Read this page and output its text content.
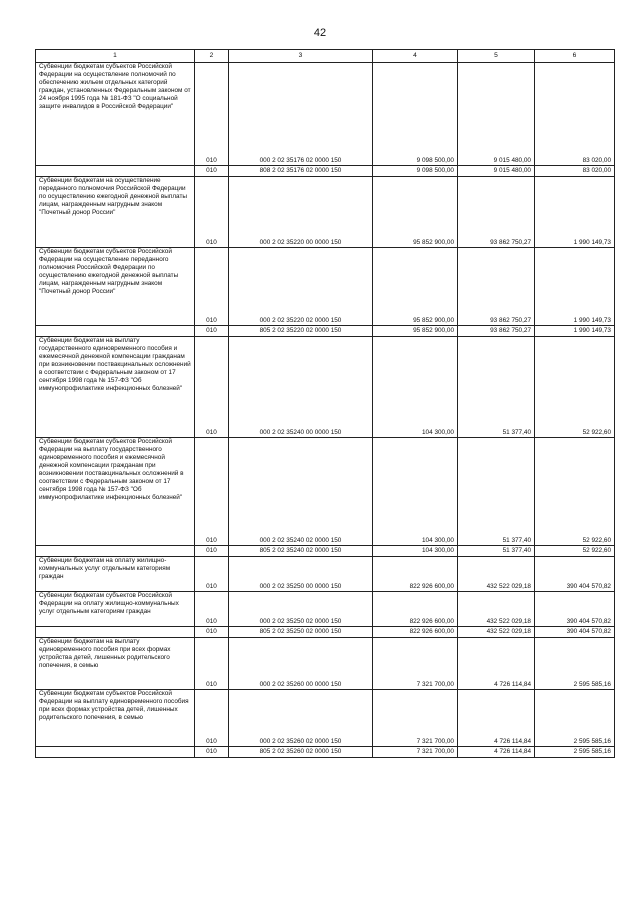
42
1	2	3	4	5	6
Субвенции бюджетам субъектов Российской Федерации на осуществление полномочий по обеспечению жильем отдельных категорий граждан, установленных Федеральным законом от 24 ноября 1995 года № 181-ФЗ "О социальной защите инвалидов в Российской Федерации"	010	000 2 02 35176 02 0000 150	9 098 500,00	9 015 480,00	83 020,00
	010	808 2 02 35176 02 0000 150	9 098 500,00	9 015 480,00	83 020,00
Субвенции бюджетам на осуществление переданного полномочия Российской Федерации по осуществлению ежегодной денежной выплаты лицам, награжденным нагрудным знаком "Почетный донор России"	010	000 2 02 35220 00 0000 150	95 852 900,00	93 862 750,27	1 990 149,73
Субвенции бюджетам субъектов Российской Федерации на осуществление переданного полномочия Российской Федерации по осуществлению ежегодной денежной выплаты лицам, награжденным нагрудным знаком "Почетный донор России"	010	000 2 02 35220 02 0000 150	95 852 900,00	93 862 750,27	1 990 149,73
	010	805 2 02 35220 02 0000 150	95 852 900,00	93 862 750,27	1 990 149,73
Субвенции бюджетам на выплату государственного единовременного пособия и ежемесячной денежной компенсации гражданам при возникновении поствакцинальных осложнений в соответствии с Федеральным законом от 17 сентября 1998 года № 157-ФЗ "Об иммунопрофилактике инфекционных болезней"	010	000 2 02 35240 00 0000 150	104 300,00	51 377,40	52 922,60
Субвенции бюджетам субъектов Российской Федерации на выплату государственного единовременного пособия и ежемесячной денежной компенсации гражданам при возникновении поствакцинальных осложнений в соответствии с Федеральным законом от 17 сентября 1998 года № 157-ФЗ "Об иммунопрофилактике инфекционных болезней"	010	000 2 02 35240 02 0000 150	104 300,00	51 377,40	52 922,60
	010	805 2 02 35240 02 0000 150	104 300,00	51 377,40	52 922,60
Субвенции бюджетам на оплату жилищно-коммунальных услуг отдельным категориям граждан	010	000 2 02 35250 00 0000 150	822 926 600,00	432 522 029,18	390 404 570,82
Субвенции бюджетам субъектов Российской Федерации на оплату жилищно-коммунальных услуг отдельным категориям граждан	010	000 2 02 35250 02 0000 150	822 926 600,00	432 522 029,18	390 404 570,82
	010	805 2 02 35250 02 0000 150	822 926 600,00	432 522 029,18	390 404 570,82
Субвенции бюджетам на выплату единовременного пособия при всех формах устройства детей, лишенных родительского попечения, в семью	010	000 2 02 35260 00 0000 150	7 321 700,00	4 726 114,84	2 595 585,16
Субвенции бюджетам субъектов Российской Федерации на выплату единовременного пособия при всех формах устройства детей, лишенных родительского попечения, в семью	010	000 2 02 35260 02 0000 150	7 321 700,00	4 726 114,84	2 595 585,16
	010	805 2 02 35260 02 0000 150	7 321 700,00	4 726 114,84	2 595 585,16
